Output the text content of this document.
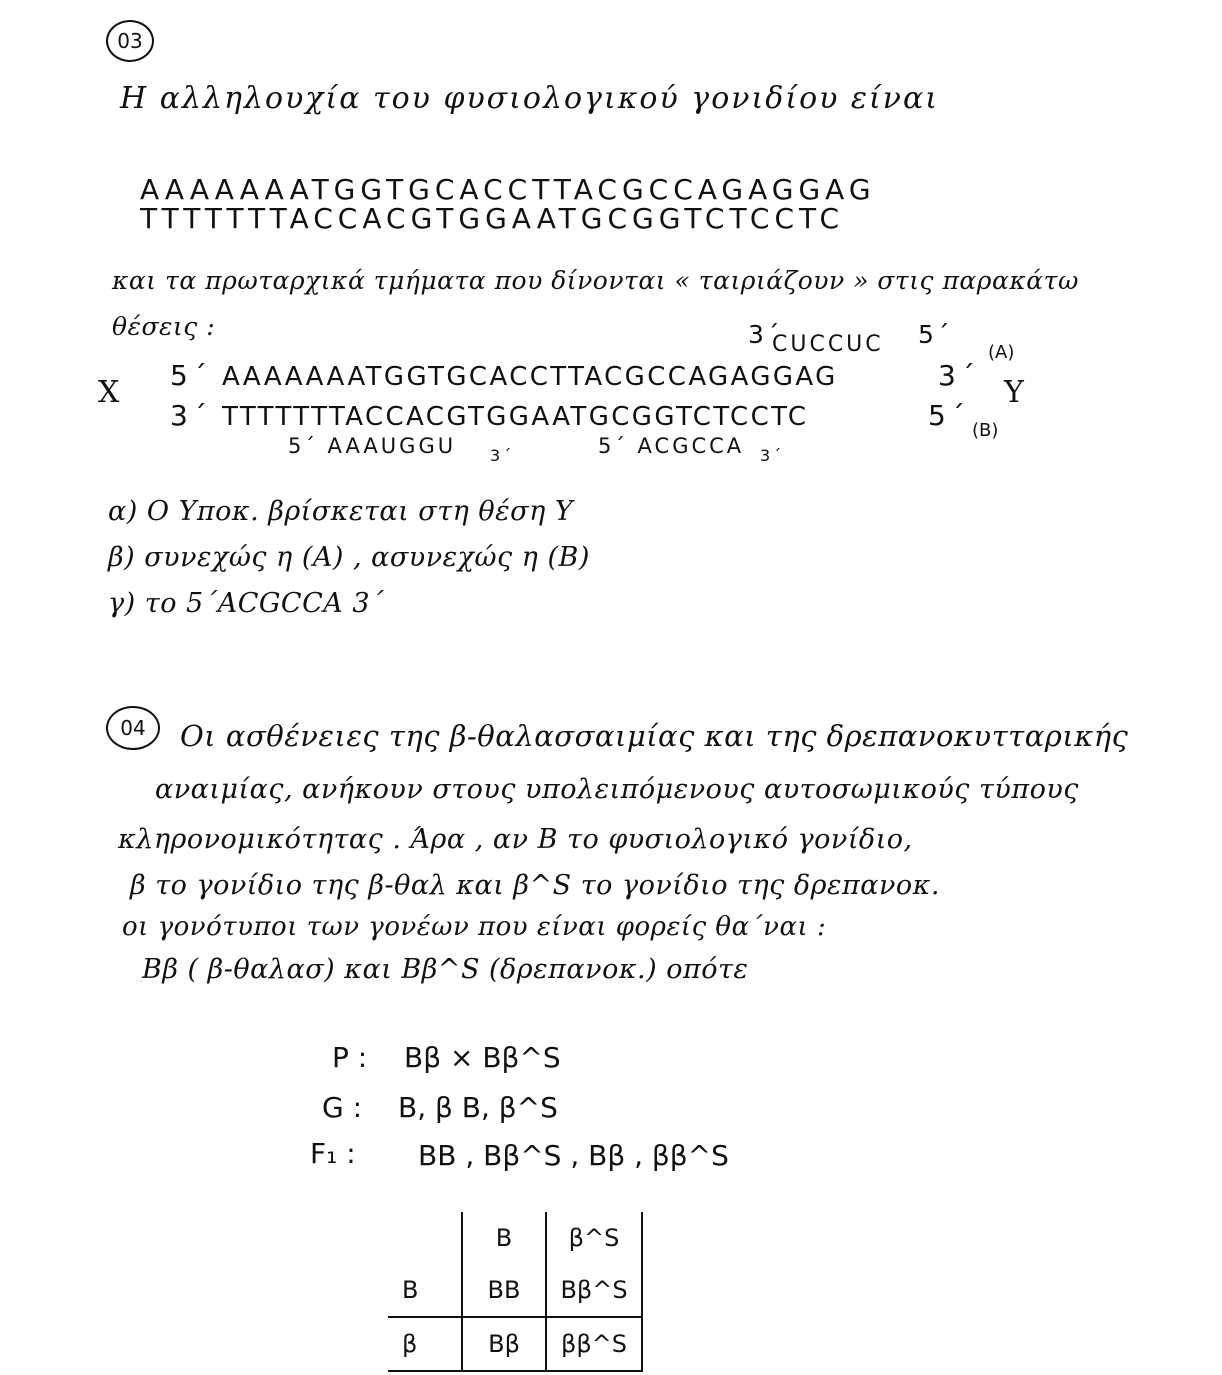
03
Η αλληλουχία του φυσιολογικού γονιδίου είναι
AAAAAAATGGTGCACCTTACGCCAGAGGAG
TTTTTTTACCACGTGGAATGCGGTCTCCTC
και τα πρωταρχικά τμήματα που δίνονται « ταιριάζουν » στις παρακάτω
θέσεις :	3΄
CUCCUC 5΄
(A)
X 5΄ AAAAAAATGGTGCACCTTACGCCAGAGGAG	3΄ Y
3΄ TTTTTTTACCACGTGGAATGCGGTCTCCTC	5΄ (B)
5΄ AAAUGGU 3΄	5΄ ACGCCA 3΄
α) Ο Υποκ. βρίσκεται στη θέση Υ
β) συνεχώς η (Α) , ασυνεχώς η (Β)
γ) το 5΄ACGCCA 3΄
04 Οι ασθένειες της β-θαλασσαιμίας και της δρεπανοκυτταρικής
αναιμίας, ανήκουν στους υπολειπόμενους αυτοσωμικούς τύπους
κληρονομικότητας . Άρα , αν Β το φυσιολογικό γονίδιο,
β το γονίδιο της β-θαλ και β^S το γονίδιο της δρεπανοκ.
οι γονότυποι των γονέων που είναι φορείς θα΄ναι :
Ββ ( β-θαλασ) και Ββ^S (δρεπανοκ.) οπότε
P : Ββ × Ββ^S
G : Β, β Β, β^S
F₁ : ΒΒ , Ββ^S , Ββ , ββ^S
	Β	β^S
Β	ΒΒ	Ββ^S
β	Ββ	ββ^S
